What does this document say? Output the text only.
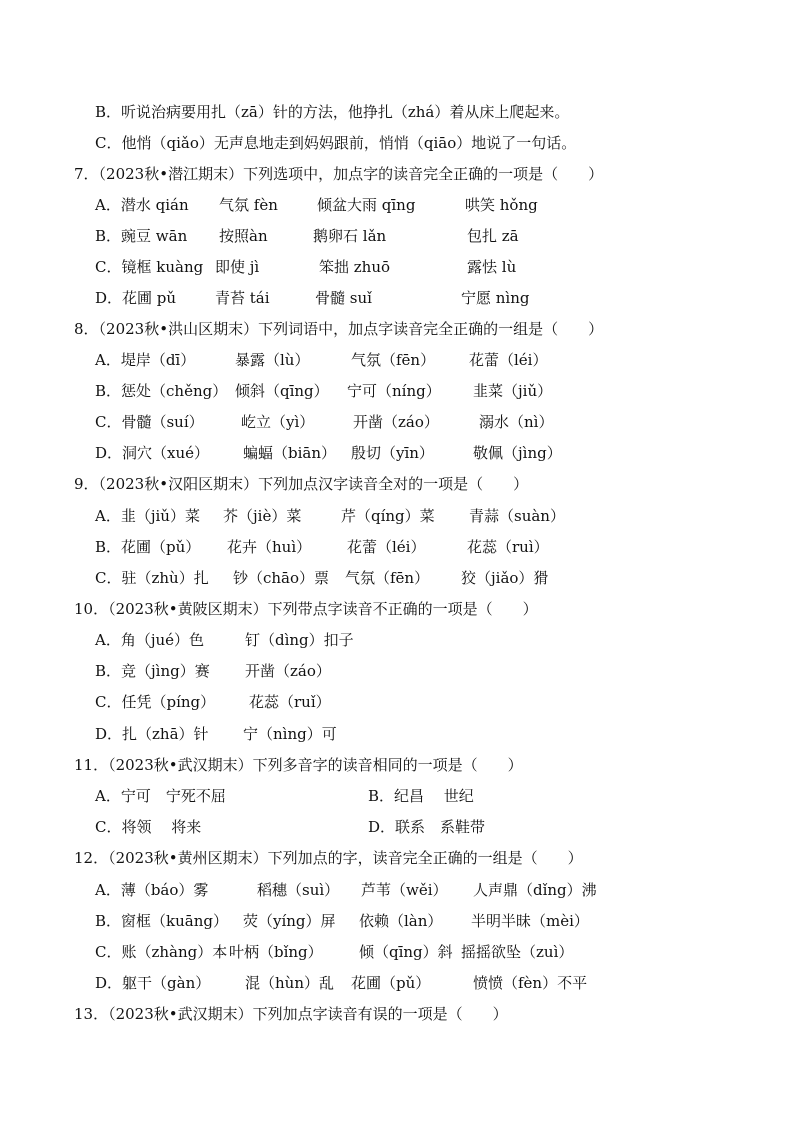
B．听说治病要用扎（zā）针的方法，他挣扎（zhá）着从床上爬起来。
C．他悄（qiǎo）无声息地走到妈妈跟前，悄悄（qiāo）地说了一句话。
7．（2023秋•潜江期末）下列选项中，加点字的读音完全正确的一项是（　　）
A．潜水 qián 气氛 fèn	倾盆大雨 qīng	哄笑 hǒng
B．豌豆 wān 按照àn	鹅卵石 lǎn	包扎 zā
C．镜框 kuàng 即使 jì	笨拙 zhuō	露怯 lù
D．花圃 pǔ	青苔 tái	骨髓 suǐ	宁愿 nìng
8．（2023秋•洪山区期末）下列词语中，加点字读音完全正确的一组是（　　）
A．堤岸（dī）	暴露（lù）	气氛（fēn） 花蕾（léi）
B．惩处（chěng） 倾斜（qīng） 宁可（níng） 韭菜（jiǔ）
C．骨髓（suí） 屹立（yì）	开凿（záo）	溺水（nì）
D．洞穴（xué） 蝙蝠（biān） 殷切（yīn）	敬佩（jìng）
9．（2023秋•汉阳区期末）下列加点汉字读音全对的一项是（　　）
A．韭（jiǔ）菜 芥（jiè）菜	芹（qíng）菜 青蒜（suàn）
B．花圃（pǔ） 花卉（huì） 花蕾（léi）	花蕊（ruì）
C．驻（zhù）扎 钞（chāo）票 气氛（fēn） 狡（jiǎo）猾
10．（2023秋•黄陂区期末）下列带点字读音不正确的一项是（　　）
A．角（jué）色	钉（dìng）扣子
B．竞（jìng）赛 开凿（záo）
C．任凭（píng） 花蕊（ruǐ）
D．扎（zhā）针 宁（nìng）可
11．（2023秋•武汉期末）下列多音字的读音相同的一项是（　　）
A．宁可　宁死不屈	B．纪昌　 世纪
C．将领　 将来	D．联系　系鞋带
12．（2023秋•黄州区期末）下列加点的字，读音完全正确的一组是（　　）
A．薄（báo）雾	稻穗（suì） 芦苇（wěi） 人声鼎（dǐng）沸
B．窗框（kuāng） 荧（yíng）屏 依赖（làn） 半明半昧（mèi）
C．账（zhàng）本 叶柄（bǐng） 倾（qīng）斜 摇摇欲坠（zuì）
D．躯干（gàn） 混（hùn）乱 花圃（pǔ）	愤愤（fèn）不平
13．（2023秋•武汉期末）下列加点字读音有误的一项是（　　）
